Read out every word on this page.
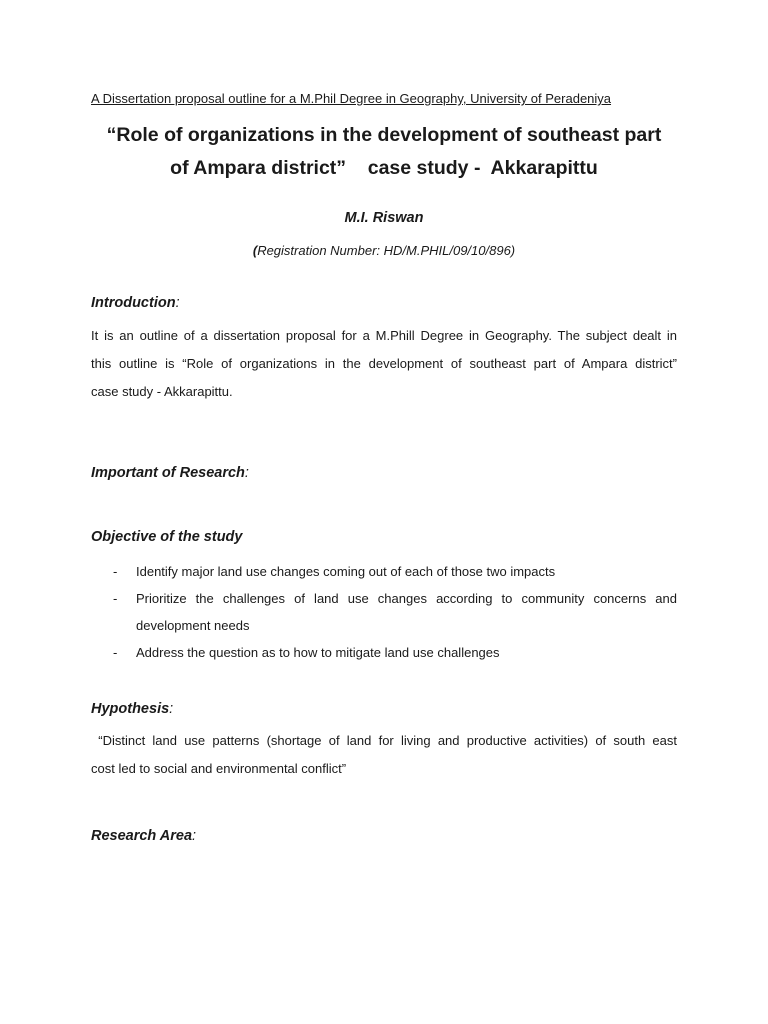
A Dissertation proposal outline for a M.Phil Degree in Geography, University of Peradeniya
“Role of organizations in the development of southeast part
of Ampara district”    case study -  Akkarapittu
M.I. Riswan
(Registration Number: HD/M.PHIL/09/10/896)
Introduction:
It is an outline of a dissertation proposal for a M.Phill Degree in Geography. The subject dealt in
this outline is “Role of organizations in the development of southeast part of Ampara district”
case study - Akkarapittu.
Important of Research:
Objective of the study
- Identify major land use changes coming out of each of those two impacts
- Prioritize the challenges of land use changes according to community concerns and
development needs
- Address the question as to how to mitigate land use challenges
Hypothesis:
“Distinct land use patterns (shortage of land for living and productive activities) of south east
cost led to social and environmental conflict”
Research Area:
